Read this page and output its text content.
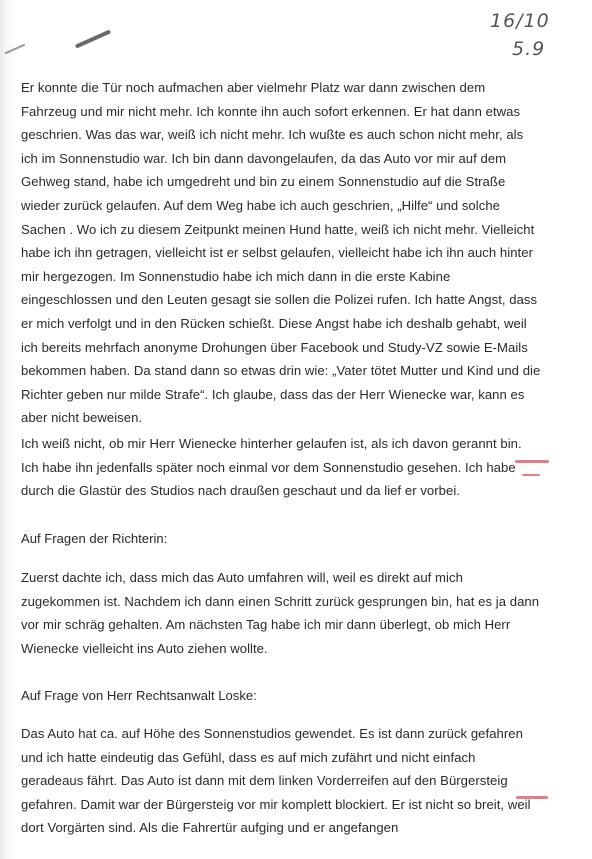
16/10
5.9

Er konnte die Tür noch aufmachen aber vielmehr Platz war dann zwischen dem Fahrzeug und mir nicht mehr. Ich konnte ihn auch sofort erkennen. Er hat dann etwas geschrien. Was das war, weiß ich nicht mehr. Ich wußte es auch schon nicht mehr, als ich im Sonnenstudio war. Ich bin dann davongelaufen, da das Auto vor mir auf dem Gehweg stand, habe ich umgedreht und bin zu einem Sonnenstudio auf die Straße wieder zurück gelaufen. Auf dem Weg habe ich auch geschrien, „Hilfe“ und solche Sachen . Wo ich zu diesem Zeitpunkt meinen Hund hatte, weiß ich nicht mehr. Vielleicht habe ich ihn getragen, vielleicht ist er selbst gelaufen, vielleicht habe ich ihn auch hinter mir hergezogen. Im Sonnenstudio habe ich mich dann in die erste Kabine eingeschlossen und den Leuten gesagt sie sollen die Polizei rufen. Ich hatte Angst, dass er mich verfolgt und in den Rücken schießt. Diese Angst habe ich deshalb gehabt, weil ich bereits mehrfach anonyme Drohungen über Facebook und Study-VZ sowie E-Mails bekommen haben. Da stand dann so etwas drin wie: „Vater tötet Mutter und Kind und die Richter geben nur milde Strafe“. Ich glaube, dass das der Herr Wienecke war, kann es aber nicht beweisen.

Ich weiß nicht, ob mir Herr Wienecke hinterher gelaufen ist, als ich davon gerannt bin. Ich habe ihn jedenfalls später noch einmal vor dem Sonnenstudio gesehen. Ich habe durch die Glastür des Studios nach draußen geschaut und da lief er vorbei.

Auf Fragen der Richterin:

Zuerst dachte ich, dass mich das Auto umfahren will, weil es direkt auf mich zugekommen ist. Nachdem ich dann einen Schritt zurück gesprungen bin, hat es ja dann vor mir schräg gehalten. Am nächsten Tag habe ich mir dann überlegt, ob mich Herr Wienecke vielleicht ins Auto ziehen wollte.

Auf Frage von Herr Rechtsanwalt Loske:

Das Auto hat ca. auf Höhe des Sonnenstudios gewendet. Es ist dann zurück gefahren und ich hatte eindeutig das Gefühl, dass es auf mich zufährt und nicht einfach geradeaus fährt. Das Auto ist dann mit dem linken Vorderreifen auf den Bürgersteig gefahren. Damit war der Bürgersteig vor mir komplett blockiert. Er ist nicht so breit, weil dort Vorgärten sind. Als die Fahrertür aufging und er angefangen
